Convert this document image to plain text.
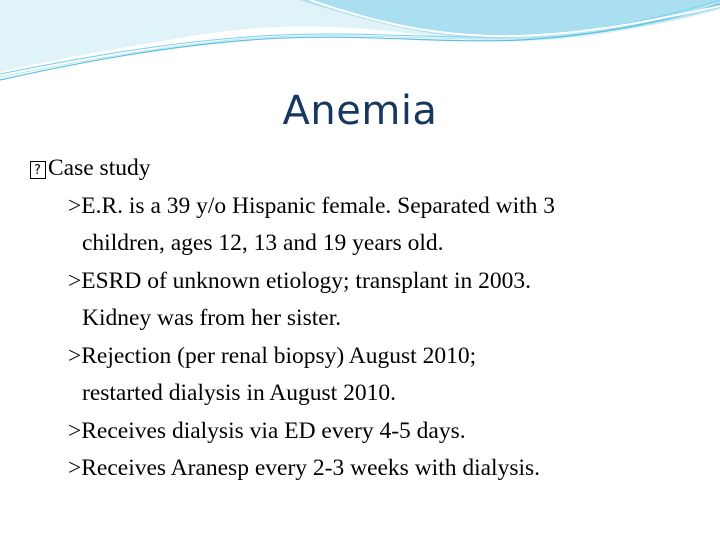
Anemia
?
Case study
>E.R. is a 39 y/o Hispanic female. Separated with 3
children, ages 12, 13 and 19 years old.
>ESRD of unknown etiology; transplant in 2003.
Kidney was from her sister.
>Rejection (per renal biopsy) August 2010;
restarted dialysis in August 2010.
>Receives dialysis via ED every 4-5 days.
>Receives Aranesp every 2-3 weeks with dialysis.
